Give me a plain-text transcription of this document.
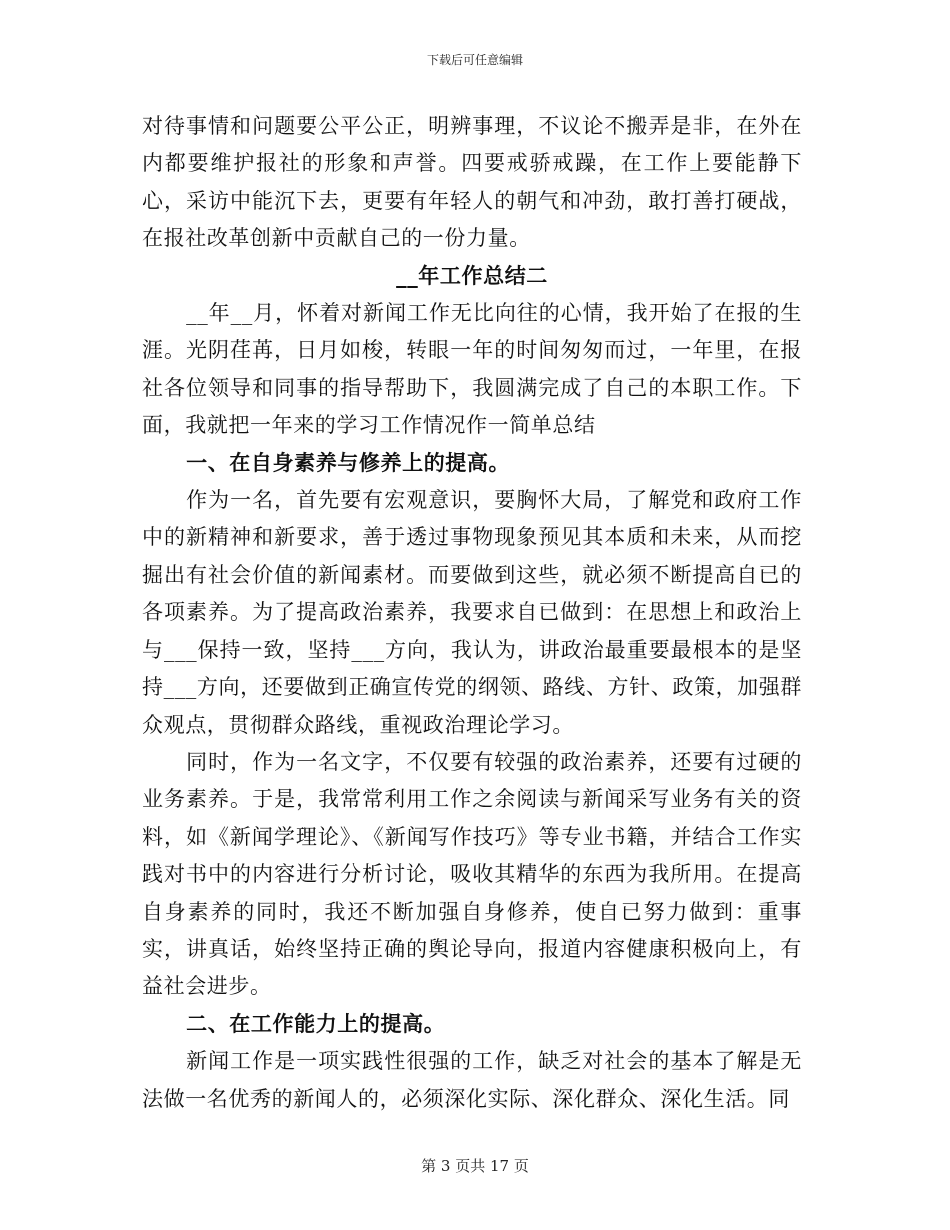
下载后可任意编辑

对待事情和问题要公平公正，明辨事理，不议论不搬弄是非，在外在内都要维护报社的形象和声誉。四要戒骄戒躁，在工作上要能静下心，采访中能沉下去，更要有年轻人的朝气和冲劲，敢打善打硬战，在报社改革创新中贡献自己的一份力量。

__年工作总结二

__年__月，怀着对新闻工作无比向往的心情，我开始了在报的生涯。光阴荏苒，日月如梭，转眼一年的时间匆匆而过，一年里，在报社各位领导和同事的指导帮助下，我圆满完成了自己的本职工作。下面，我就把一年来的学习工作情况作一简单总结

一、在自身素养与修养上的提高。

作为一名，首先要有宏观意识，要胸怀大局，了解党和政府工作中的新精神和新要求，善于透过事物现象预见其本质和未来，从而挖掘出有社会价值的新闻素材。而要做到这些，就必须不断提高自已的各项素养。为了提高政治素养，我要求自已做到：在思想上和政治上与___保持一致，坚持___方向，我认为，讲政治最重要最根本的是坚持___方向，还要做到正确宣传党的纲领、路线、方针、政策，加强群众观点，贯彻群众路线，重视政治理论学习。

同时，作为一名文字，不仅要有较强的政治素养，还要有过硬的业务素养。于是，我常常利用工作之余阅读与新闻采写业务有关的资料，如《新闻学理论》、《新闻写作技巧》等专业书籍，并结合工作实践对书中的内容进行分析讨论，吸收其精华的东西为我所用。在提高自身素养的同时，我还不断加强自身修养，使自已努力做到：重事实，讲真话，始终坚持正确的舆论导向，报道内容健康积极向上，有益社会进步。

二、在工作能力上的提高。

新闻工作是一项实践性很强的工作，缺乏对社会的基本了解是无法做一名优秀的新闻人的，必须深化实际、深化群众、深化生活。同

第 3 页共 17 页
